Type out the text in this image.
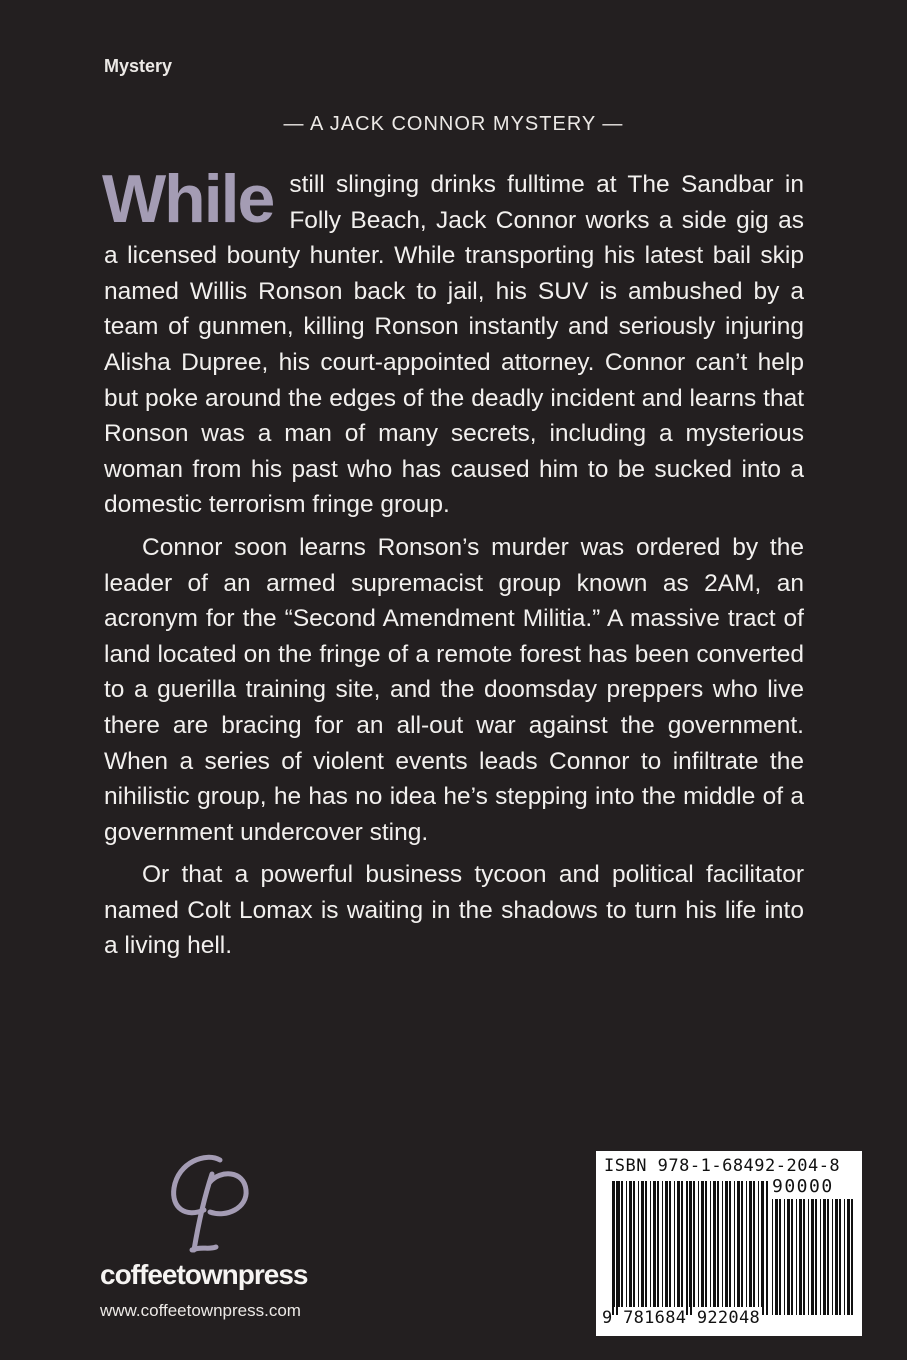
Mystery
— A JACK CONNOR MYSTERY —

While still slinging drinks fulltime at The Sandbar in Folly Beach, Jack Connor works a side gig as a licensed bounty hunter. While transporting his latest bail skip named Willis Ronson back to jail, his SUV is ambushed by a team of gunmen, killing Ronson instantly and seriously injuring Alisha Dupree, his court-appointed attorney. Connor can’t help but poke around the edges of the deadly incident and learns that Ronson was a man of many secrets, including a mysterious woman from his past who has caused him to be sucked into a domestic terrorism fringe group.

Connor soon learns Ronson’s murder was ordered by the leader of an armed supremacist group known as 2AM, an acronym for the “Second Amendment Militia.” A massive tract of land located on the fringe of a remote forest has been converted to a guerilla training site, and the doomsday preppers who live there are bracing for an all-out war against the government. When a series of violent events leads Connor to infiltrate the nihilistic group, he has no idea he’s stepping into the middle of a government undercover sting.

Or that a powerful business tycoon and political facilitator named Colt Lomax is waiting in the shadows to turn his life into a living hell.

coffeetownpress
www.coffeetownpress.com
ISBN 978-1-68492-204-8
90000
9 781684 922048
